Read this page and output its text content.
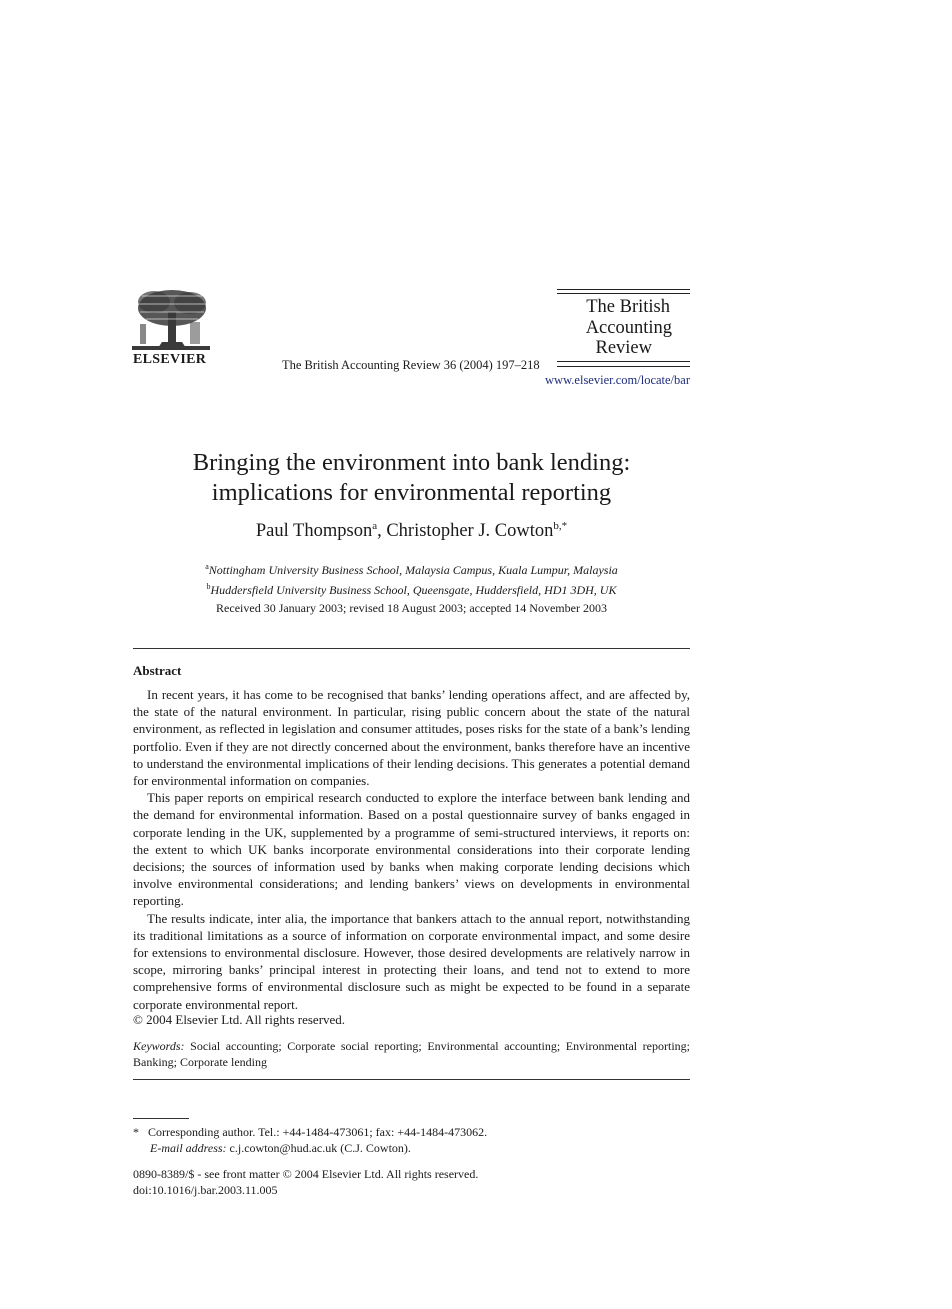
ELSEVIER	The British Accounting Review 36 (2004) 197–218
The British
Accounting
Review
www.elsevier.com/locate/bar
Bringing the environment into bank lending:
implications for environmental reporting
Paul Thompson$^a$, Christopher J. Cowton$^{b,*}$
$^a$Nottingham University Business School, Malaysia Campus, Kuala Lumpur, Malaysia
$^b$Huddersfield University Business School, Queensgate, Huddersfield, HD1 3DH, UK
Received 30 January 2003; revised 18 August 2003; accepted 14 November 2003
Abstract

In recent years, it has come to be recognised that banks’ lending operations affect, and are affected by, the state of the natural environment. In particular, rising public concern about the state of the natural environment, as reflected in legislation and consumer attitudes, poses risks for the state of a bank’s lending portfolio. Even if they are not directly concerned about the environment, banks therefore have an incentive to understand the environmental implications of their lending decisions. This generates a potential demand for environmental information on companies.

This paper reports on empirical research conducted to explore the interface between bank lending and the demand for environmental information. Based on a postal questionnaire survey of banks engaged in corporate lending in the UK, supplemented by a programme of semi-structured interviews, it reports on: the extent to which UK banks incorporate environmental considerations into their corporate lending decisions; the sources of information used by banks when making corporate lending decisions which involve environmental considerations; and lending bankers’ views on developments in environmental reporting.

The results indicate, inter alia, the importance that bankers attach to the annual report, notwithstanding its traditional limitations as a source of information on corporate environmental impact, and some desire for extensions to environmental disclosure. However, those desired developments are relatively narrow in scope, mirroring banks’ principal interest in protecting their loans, and tend not to extend to more comprehensive forms of environmental disclosure such as might be expected to be found in a separate corporate environmental report.

© 2004 Elsevier Ltd. All rights reserved.
Keywords: Social accounting; Corporate social reporting; Environmental accounting; Environmental reporting; Banking; Corporate lending
* Corresponding author. Tel.: +44-1484-473061; fax: +44-1484-473062.
E-mail address: c.j.cowton@hud.ac.uk (C.J. Cowton).
0890-8389/$ - see front matter © 2004 Elsevier Ltd. All rights reserved.
doi:10.1016/j.bar.2003.11.005
